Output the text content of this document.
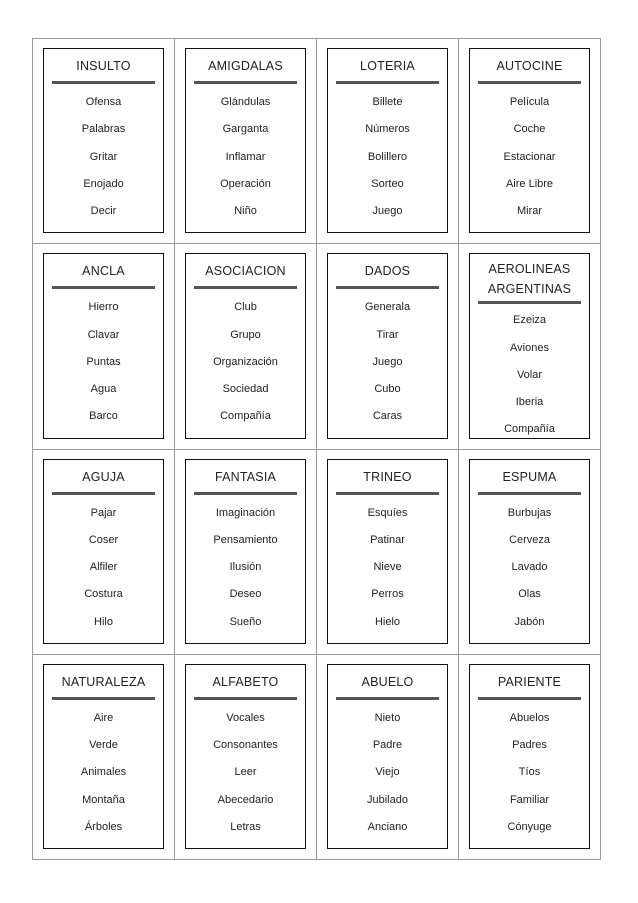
INSULTO
Ofensa
Palabras
Gritar
Enojado
Decir
AMIGDALAS
Glándulas
Garganta
Inflamar
Operación
Niño
LOTERIA
Billete
Números
Bolillero
Sorteo
Juego
AUTOCINE
Película
Coche
Estacionar
Aire Libre
Mirar
ANCLA
Hierro
Clavar
Puntas
Agua
Barco
ASOCIACION
Club
Grupo
Organización
Sociedad
Compañía
DADOS
Generala
Tirar
Juego
Cubo
Caras
AEROLINEAS ARGENTINAS
Ezeiza
Aviones
Volar
Iberia
Compañía
AGUJA
Pajar
Coser
Alfiler
Costura
Hilo
FANTASIA
Imaginación
Pensamiento
Ilusión
Deseo
Sueño
TRINEO
Esquíes
Patinar
Nieve
Perros
Hielo
ESPUMA
Burbujas
Cerveza
Lavado
Olas
Jabón
NATURALEZA
Aire
Verde
Animales
Montaña
Árboles
ALFABETO
Vocales
Consonantes
Leer
Abecedario
Letras
ABUELO
Nieto
Padre
Viejo
Jubilado
Anciano
PARIENTE
Abuelos
Padres
Tíos
Familiar
Cónyuge
